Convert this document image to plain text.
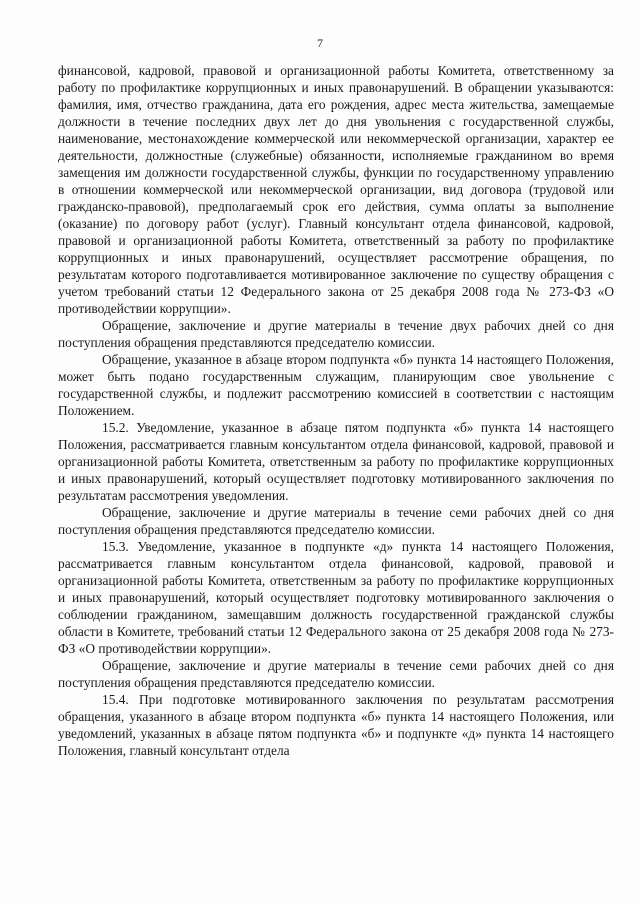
7

финансовой, кадровой, правовой и организационной работы Комитета, ответственному за работу по профилактике коррупционных и иных правонарушений. В обращении указываются: фамилия, имя, отчество гражданина, дата его рождения, адрес места жительства, замещаемые должности в течение последних двух лет до дня увольнения с государственной службы, наименование, местонахождение коммерческой или некоммерческой организации, характер ее деятельности, должностные (служебные) обязанности, исполняемые гражданином во время замещения им должности государственной службы, функции по государственному управлению в отношении коммерческой или некоммерческой организации, вид договора (трудовой или гражданско-правовой), предполагаемый срок его действия, сумма оплаты за выполнение (оказание) по договору работ (услуг). Главный консультант отдела финансовой, кадровой, правовой и организационной работы Комитета, ответственный за работу по профилактике коррупционных и иных правонарушений, осуществляет рассмотрение обращения, по результатам которого подготавливается мотивированное заключение по существу обращения с учетом требований статьи 12 Федерального закона от 25 декабря 2008 года № 273-ФЗ «О противодействии коррупции».

Обращение, заключение и другие материалы в течение двух рабочих дней со дня поступления обращения представляются председателю комиссии.

Обращение, указанное в абзаце втором подпункта «б» пункта 14 настоящего Положения, может быть подано государственным служащим, планирующим свое увольнение с государственной службы, и подлежит рассмотрению комиссией в соответствии с настоящим Положением.

15.2. Уведомление, указанное в абзаце пятом подпункта «б» пункта 14 настоящего Положения, рассматривается главным консультантом отдела финансовой, кадровой, правовой и организационной работы Комитета, ответственным за работу по профилактике коррупционных и иных правонарушений, который осуществляет подготовку мотивированного заключения по результатам рассмотрения уведомления.

Обращение, заключение и другие материалы в течение семи рабочих дней со дня поступления обращения представляются председателю комиссии.

15.3. Уведомление, указанное в подпункте «д» пункта 14 настоящего Положения, рассматривается главным консультантом отдела финансовой, кадровой, правовой и организационной работы Комитета, ответственным за работу по профилактике коррупционных и иных правонарушений, который осуществляет подготовку мотивированного заключения о соблюдении гражданином, замещавшим должность государственной гражданской службы области в Комитете, требований статьи 12 Федерального закона от 25 декабря 2008 года № 273-ФЗ «О противодействии коррупции».

Обращение, заключение и другие материалы в течение семи рабочих дней со дня поступления обращения представляются председателю комиссии.

15.4. При подготовке мотивированного заключения по результатам рассмотрения обращения, указанного в абзаце втором подпункта «б» пункта 14 настоящего Положения, или уведомлений, указанных в абзаце пятом подпункта «б» и подпункте «д» пункта 14 настоящего Положения, главный консультант отдела
